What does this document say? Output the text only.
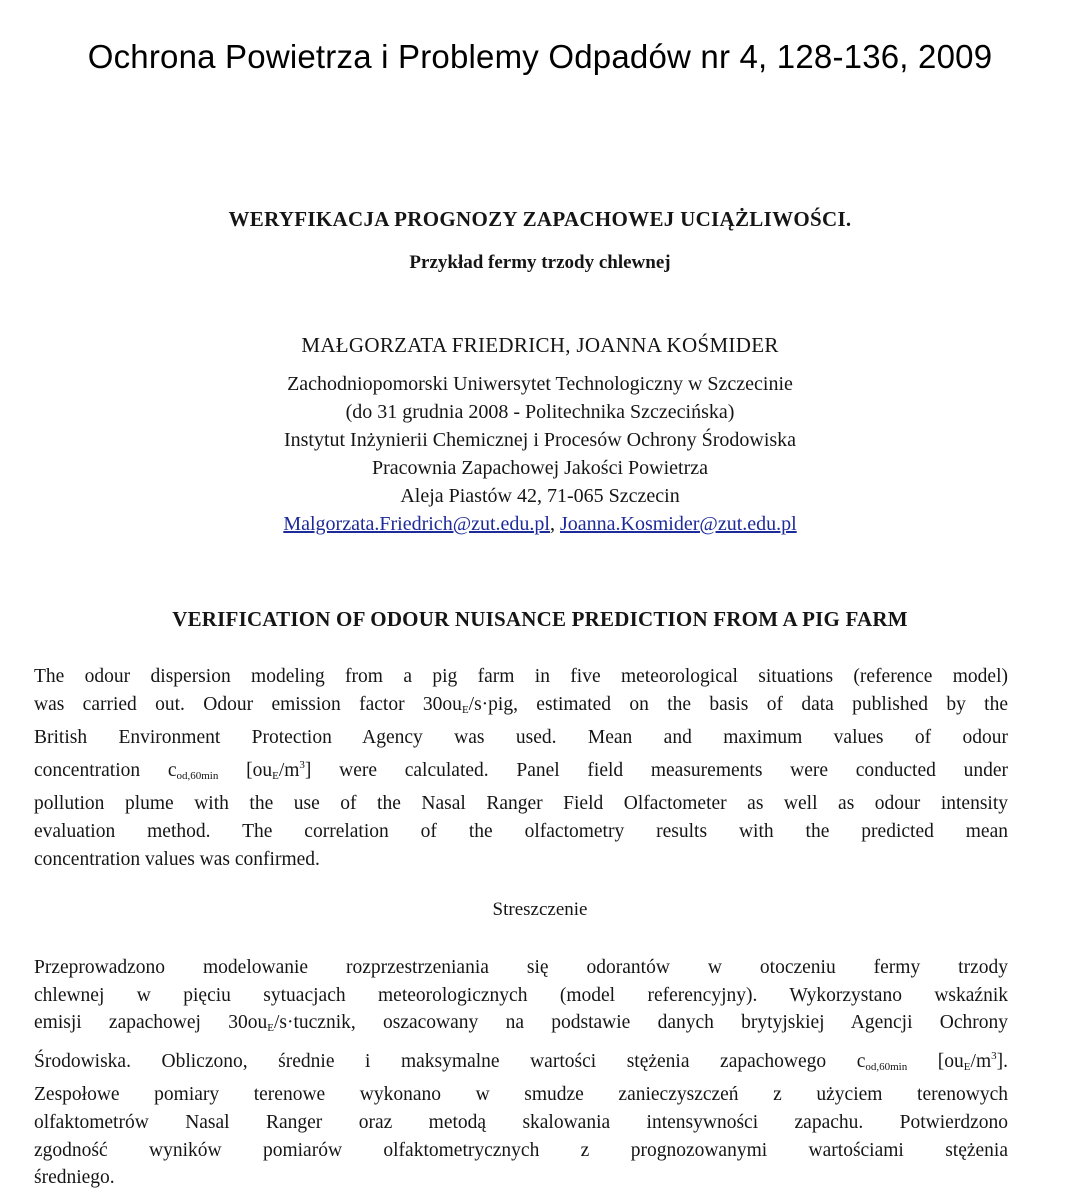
Ochrona Powietrza i Problemy Odpadów nr 4, 128-136, 2009
WERYFIKACJA PROGNOZY ZAPACHOWEJ UCIĄŻLIWOŚCI.
Przykład fermy trzody chlewnej
MAŁGORZATA FRIEDRICH, JOANNA KOŚMIDER
Zachodniopomorski Uniwersytet Technologiczny w Szczecinie
(do 31 grudnia 2008 - Politechnika Szczecińska)
Instytut Inżynierii Chemicznej i Procesów Ochrony Środowiska
Pracownia Zapachowej Jakości Powietrza
Aleja Piastów 42, 71-065 Szczecin
Malgorzata.Friedrich@zut.edu.pl, Joanna.Kosmider@zut.edu.pl
VERIFICATION OF ODOUR NUISANCE PREDICTION FROM A PIG FARM
The odour dispersion modeling from a pig farm in five meteorological situations (reference model)
was carried out. Odour emission factor $30ou_E/s\cdot pig$, estimated on the basis of data published by the
British Environment Protection Agency was used. Mean and maximum values of odour
concentration $c_{od,60min}$ $[ou_E/m^3]$ were calculated. Panel field measurements were conducted under
pollution plume with the use of the Nasal Ranger Field Olfactometer as well as odour intensity
evaluation method. The correlation of the olfactometry results with the predicted mean
concentration values was confirmed.
Streszczenie
Przeprowadzono modelowanie rozprzestrzeniania się odorantów w otoczeniu fermy trzody
chlewnej w pięciu sytuacjach meteorologicznych (model referencyjny). Wykorzystano wskaźnik
emisji zapachowej $30ou_E/s\cdot tucznik$, oszacowany na podstawie danych brytyjskiej Agencji Ochrony
Środowiska. Obliczono, średnie i maksymalne wartości stężenia zapachowego $c_{od,60min}$ $[ou_E/m^3]$.
Zespołowe pomiary terenowe wykonano w smudze zanieczyszczeń z użyciem terenowych
olfaktometrów Nasal Ranger oraz metodą skalowania intensywności zapachu. Potwierdzono
zgodność wyników pomiarów olfaktometrycznych z prognozowanymi wartościami stężenia
średniego.
